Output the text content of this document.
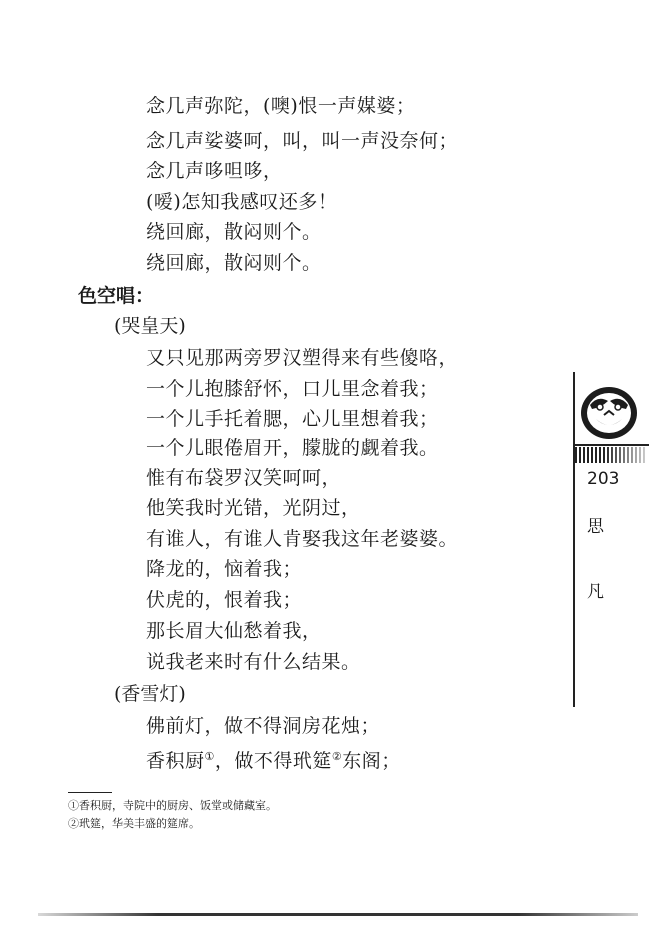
念几声弥陀，(噢)恨一声媒婆；
念几声娑婆呵，叫，叫一声没奈何；
念几声哆呾哆，
(嗳)怎知我感叹还多！
绕回廊，散闷则个。
绕回廊，散闷则个。
色空唱：
(哭皇天)
又只见那两旁罗汉塑得来有些傻咯，
一个儿抱膝舒怀，口儿里念着我；
一个儿手托着腮，心儿里想着我；
一个儿眼倦眉开，朦胧的觑着我。
惟有布袋罗汉笑呵呵，
他笑我时光错，光阴过，
有谁人，有谁人肯娶我这年老婆婆。
降龙的，恼着我；
伏虎的，恨着我；
那长眉大仙愁着我，
说我老来时有什么结果。
(香雪灯)
佛前灯，做不得洞房花烛；
香积厨①，做不得玳筵②东阁；
①香积厨，寺院中的厨房、饭堂或储藏室。
②玳筵，华美丰盛的筵席。
203
思
凡
